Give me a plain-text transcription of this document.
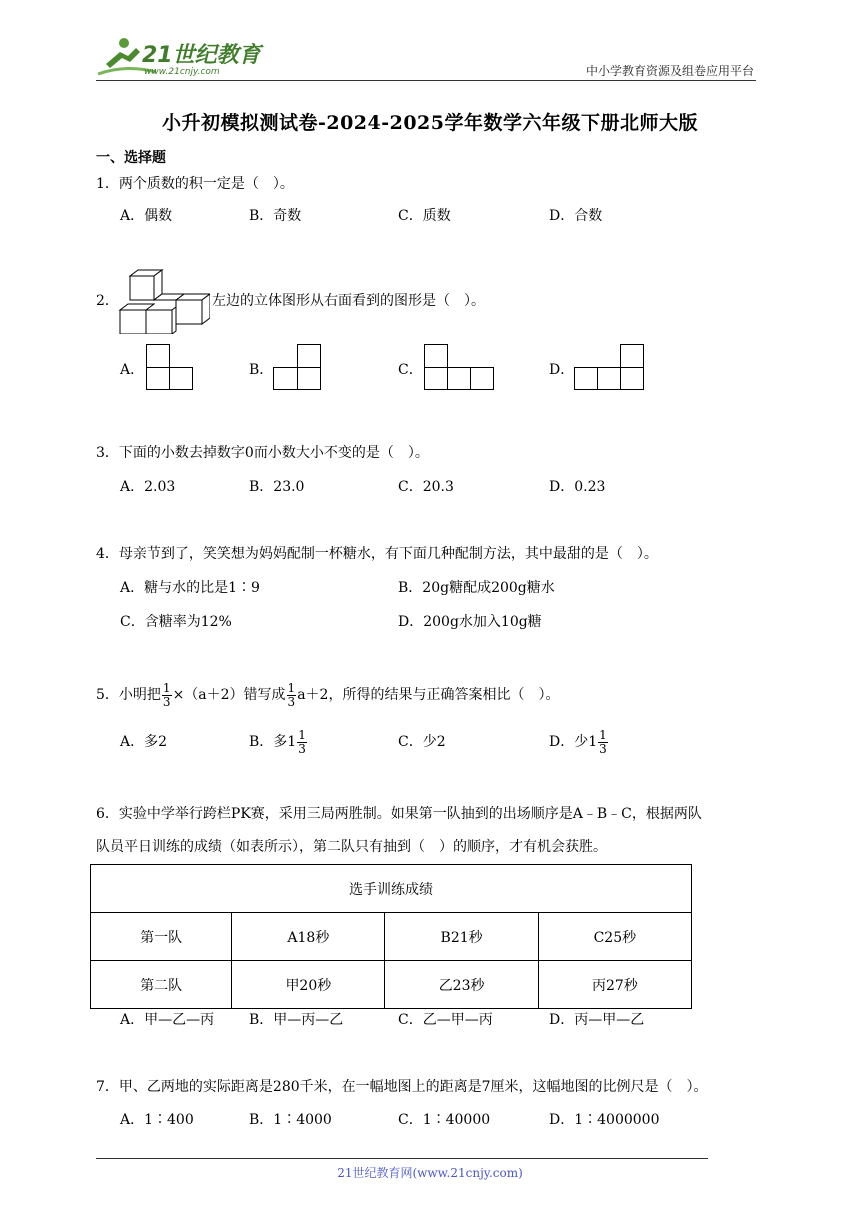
21世纪教育
www.21cnjy.com	中小学教育资源及组卷应用平台
小升初模拟测试卷-2024-2025学年数学六年级下册北师大版
一、选择题
1．两个质数的积一定是（　）。
A．偶数	B．奇数	C．质数	D．合数
2．	左边的立体图形从右面看到的图形是（　）。
A．	B．	C．	D．
3．下面的小数去掉数字0而小数大小不变的是（　）。
A．2.03	B．23.0	C．20.3	D．0.23
4．母亲节到了，笑笑想为妈妈配制一杯糖水，有下面几种配制方法，其中最甜的是（　）。
A．糖与水的比是1∶9	B．20g糖配成200g糖水
C．含糖率为12%	D．200g水加入10g糖
5．小明把 $\frac{1}{3} \times(a+2)$错写成 $\frac{1}{3} a+2$，所得的结果与正确答案相比（　）。
A．多2	B．多$1 \frac{1}{3}$	C．少2	D．少$1 \frac{1}{3}$
6．实验中学举行跨栏PK赛，采用三局两胜制。如果第一队抽到的出场顺序是A﹣B﹣C，根据两队
队员平日训练的成绩（如表所示），第二队只有抽到（　）的顺序，才有机会获胜。
选手训练成绩			
第一队	A18秒	B21秒	C25秒
第二队	甲20秒	乙23秒	丙27秒
A．甲—乙—丙 B．甲—丙—乙	C．乙—甲—丙	D．丙—甲—乙
7．甲、乙两地的实际距离是280千米，在一幅地图上的距离是7厘米，这幅地图的比例尺是（　）。
A．1∶400	B．1∶4000	C．1∶40000	D．1∶4000000
21世纪教育网(www.21cnjy.com)
